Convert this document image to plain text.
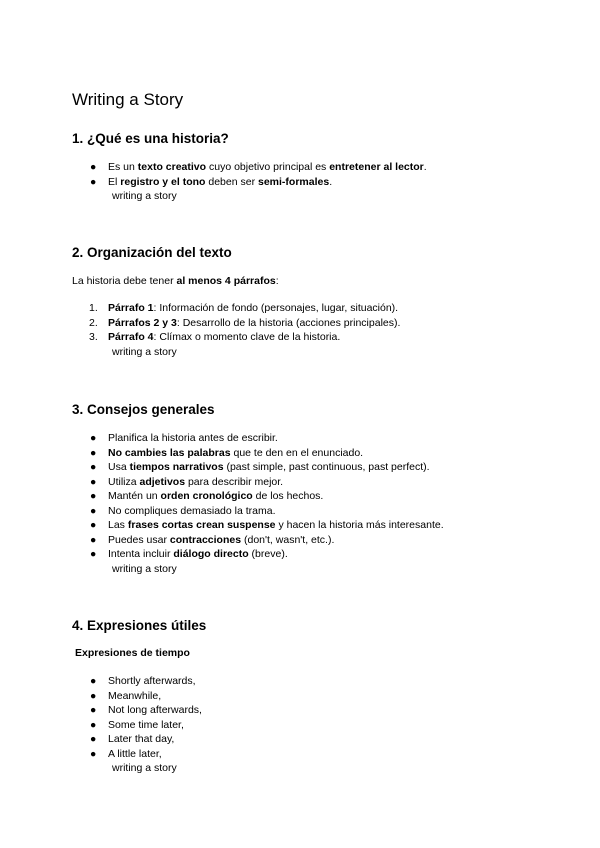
Writing a Story
1. ¿Qué es una historia?
● Es un texto creativo cuyo objetivo principal es entretener al lector.
● El registro y el tono deben ser semi-formales.

writing a story

2. Organización del texto

La historia debe tener al menos 4 párrafos:

1. Párrafo 1: Información de fondo (personajes, lugar, situación).
2. Párrafos 2 y 3: Desarrollo de la historia (acciones principales).
3. Párrafo 4: Clímax o momento clave de la historia.

writing a story

3. Consejos generales
● Planifica la historia antes de escribir.
● No cambies las palabras que te den en el enunciado.
● Usa tiempos narrativos (past simple, past continuous, past perfect).
● Utiliza adjetivos para describir mejor.
● Mantén un orden cronológico de los hechos.
● No compliques demasiado la trama.
● Las frases cortas crean suspense y hacen la historia más interesante.
● Puedes usar contracciones (don't, wasn't, etc.).
● Intenta incluir diálogo directo (breve).

writing a story

4. Expresiones útiles

Expresiones de tiempo

● Shortly afterwards,
● Meanwhile,
● Not long afterwards,
● Some time later,
● Later that day,
● A little later,

writing a story
